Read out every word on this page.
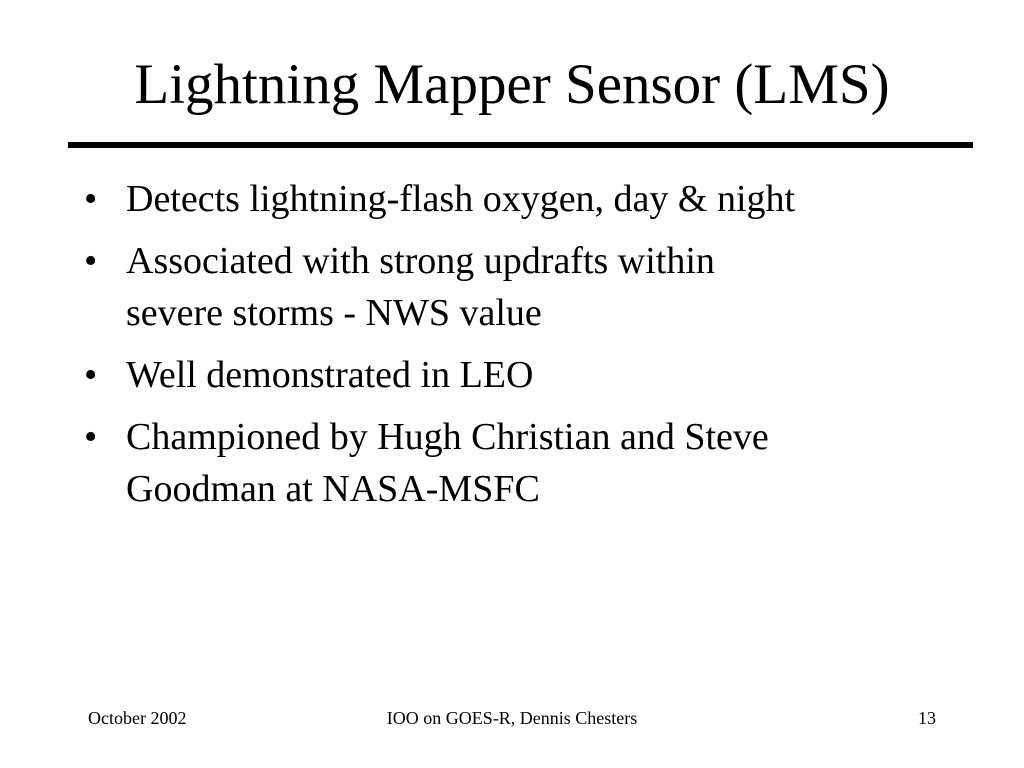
Lightning Mapper Sensor (LMS)
• Detects lightning-flash oxygen, day & night
• Associated with strong updrafts within
severe storms - NWS value
• Well demonstrated in LEO
• Championed by Hugh Christian and Steve
Goodman at NASA-MSFC
IOO on GOES-R, Dennis Chesters
October 2002	13
